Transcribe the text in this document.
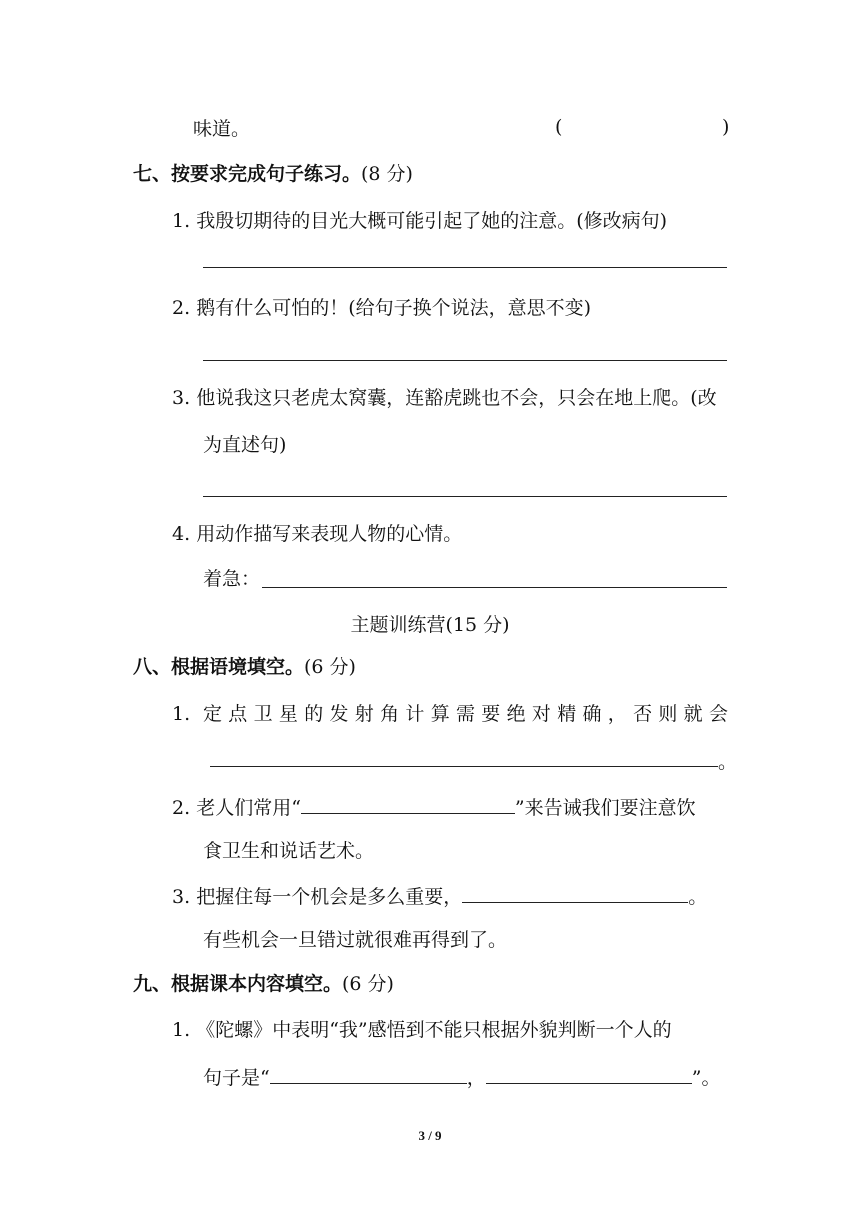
味道。	(	)
七、按要求完成句子练习。(8 分)
1. 我殷切期待的目光大概可能引起了她的注意。(修改病句)
2. 鹅有什么可怕的！(给句子换个说法，意思不变)
3. 他说我这只老虎太窝囊，连豁虎跳也不会，只会在地上爬。(改
为直述句)
4. 用动作描写来表现人物的心情。
着急：
主题训练营(15 分)
八、根据语境填空。(6 分)
1. 定点卫星的发射角计算需要绝对精确，否则就会
。
2. 老人们常用“	”来告诫我们要注意饮
食卫生和说话艺术。
3. 把握住每一个机会是多么重要，	。
有些机会一旦错过就很难再得到了。
九、根据课本内容填空。(6 分)
1. 《陀螺》中表明“我”感悟到不能只根据外貌判断一个人的
句子是“	，	”。
3 / 9
